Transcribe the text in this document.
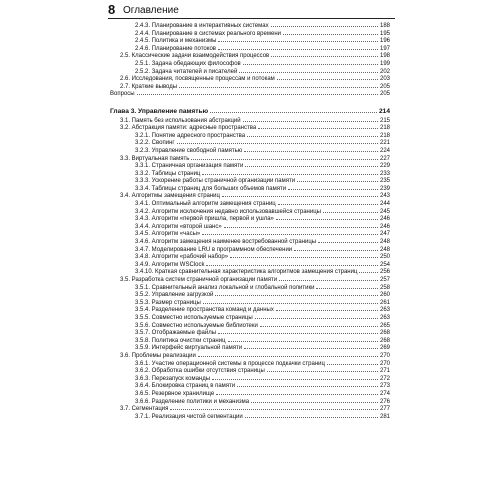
8 Оглавление
2.4.3. Планирование в интерактивных системах	188
2.4.4. Планирование в системах реального времени	195
2.4.5. Политика и механизмы	196
2.4.6. Планирование потоков	197
2.5. Классические задачи взаимодействия процессов	198
2.5.1. Задача обедающих философов	199
2.5.2. Задача читателей и писателей	202
2.6. Исследования, посвященные процессам и потокам	203
2.7. Краткие выводы	205
Вопросы	205
Глава 3. Управление памятью	214
3.1. Память без использования абстракций	215
3.2. Абстракция памяти: адресные пространства	218
3.2.1. Понятие адресного пространства	218
3.2.2. Свопинг	221
3.2.3. Управление свободной памятью	224
3.3. Виртуальная память	227
3.3.1. Страничная организация памяти	229
3.3.2. Таблицы страниц	233
3.3.3. Ускорение работы страничной организации памяти	235
3.3.4. Таблицы страниц для больших объемов памяти	239
3.4. Алгоритмы замещения страниц	243
3.4.1. Оптимальный алгоритм замещения страниц	244
3.4.2. Алгоритм исключения недавно использовавшейся страницы	245
3.4.3. Алгоритм «первой пришла, первой и ушла»	246
3.4.4. Алгоритм «второй шанс»	246
3.4.5. Алгоритм «часы»	247
3.4.6. Алгоритм замещения наименее востребованной страницы	248
3.4.7. Моделирование LRU в программном обеспечении	248
3.4.8. Алгоритм «рабочий набор»	250
3.4.9. Алгоритм WSClock	254
3.4.10. Краткая сравнительная характеристика алгоритмов замещения страниц	256
3.5. Разработка систем страничной организации памяти	257
3.5.1. Сравнительный анализ локальной и глобальной политики	258
3.5.2. Управление загрузкой	260
3.5.3. Размер страницы	261
3.5.4. Разделение пространства команд и данных	263
3.5.5. Совместно используемые страницы	263
3.5.6. Совместно используемые библиотеки	265
3.5.7. Отображаемые файлы	268
3.5.8. Политика очистки страниц	268
3.5.9. Интерфейс виртуальной памяти	269
3.6. Проблемы реализации	270
3.6.1. Участие операционной системы в процессе подкачки страниц	270
3.6.2. Обработка ошибки отсутствия страницы	271
3.6.3. Перезапуск команды	272
3.6.4. Блокировка страниц в памяти	273
3.6.5. Резервное хранилище	274
3.6.6. Разделение политики и механизма	276
3.7. Сегментация	277
3.7.1. Реализация чистой сегментации	281
